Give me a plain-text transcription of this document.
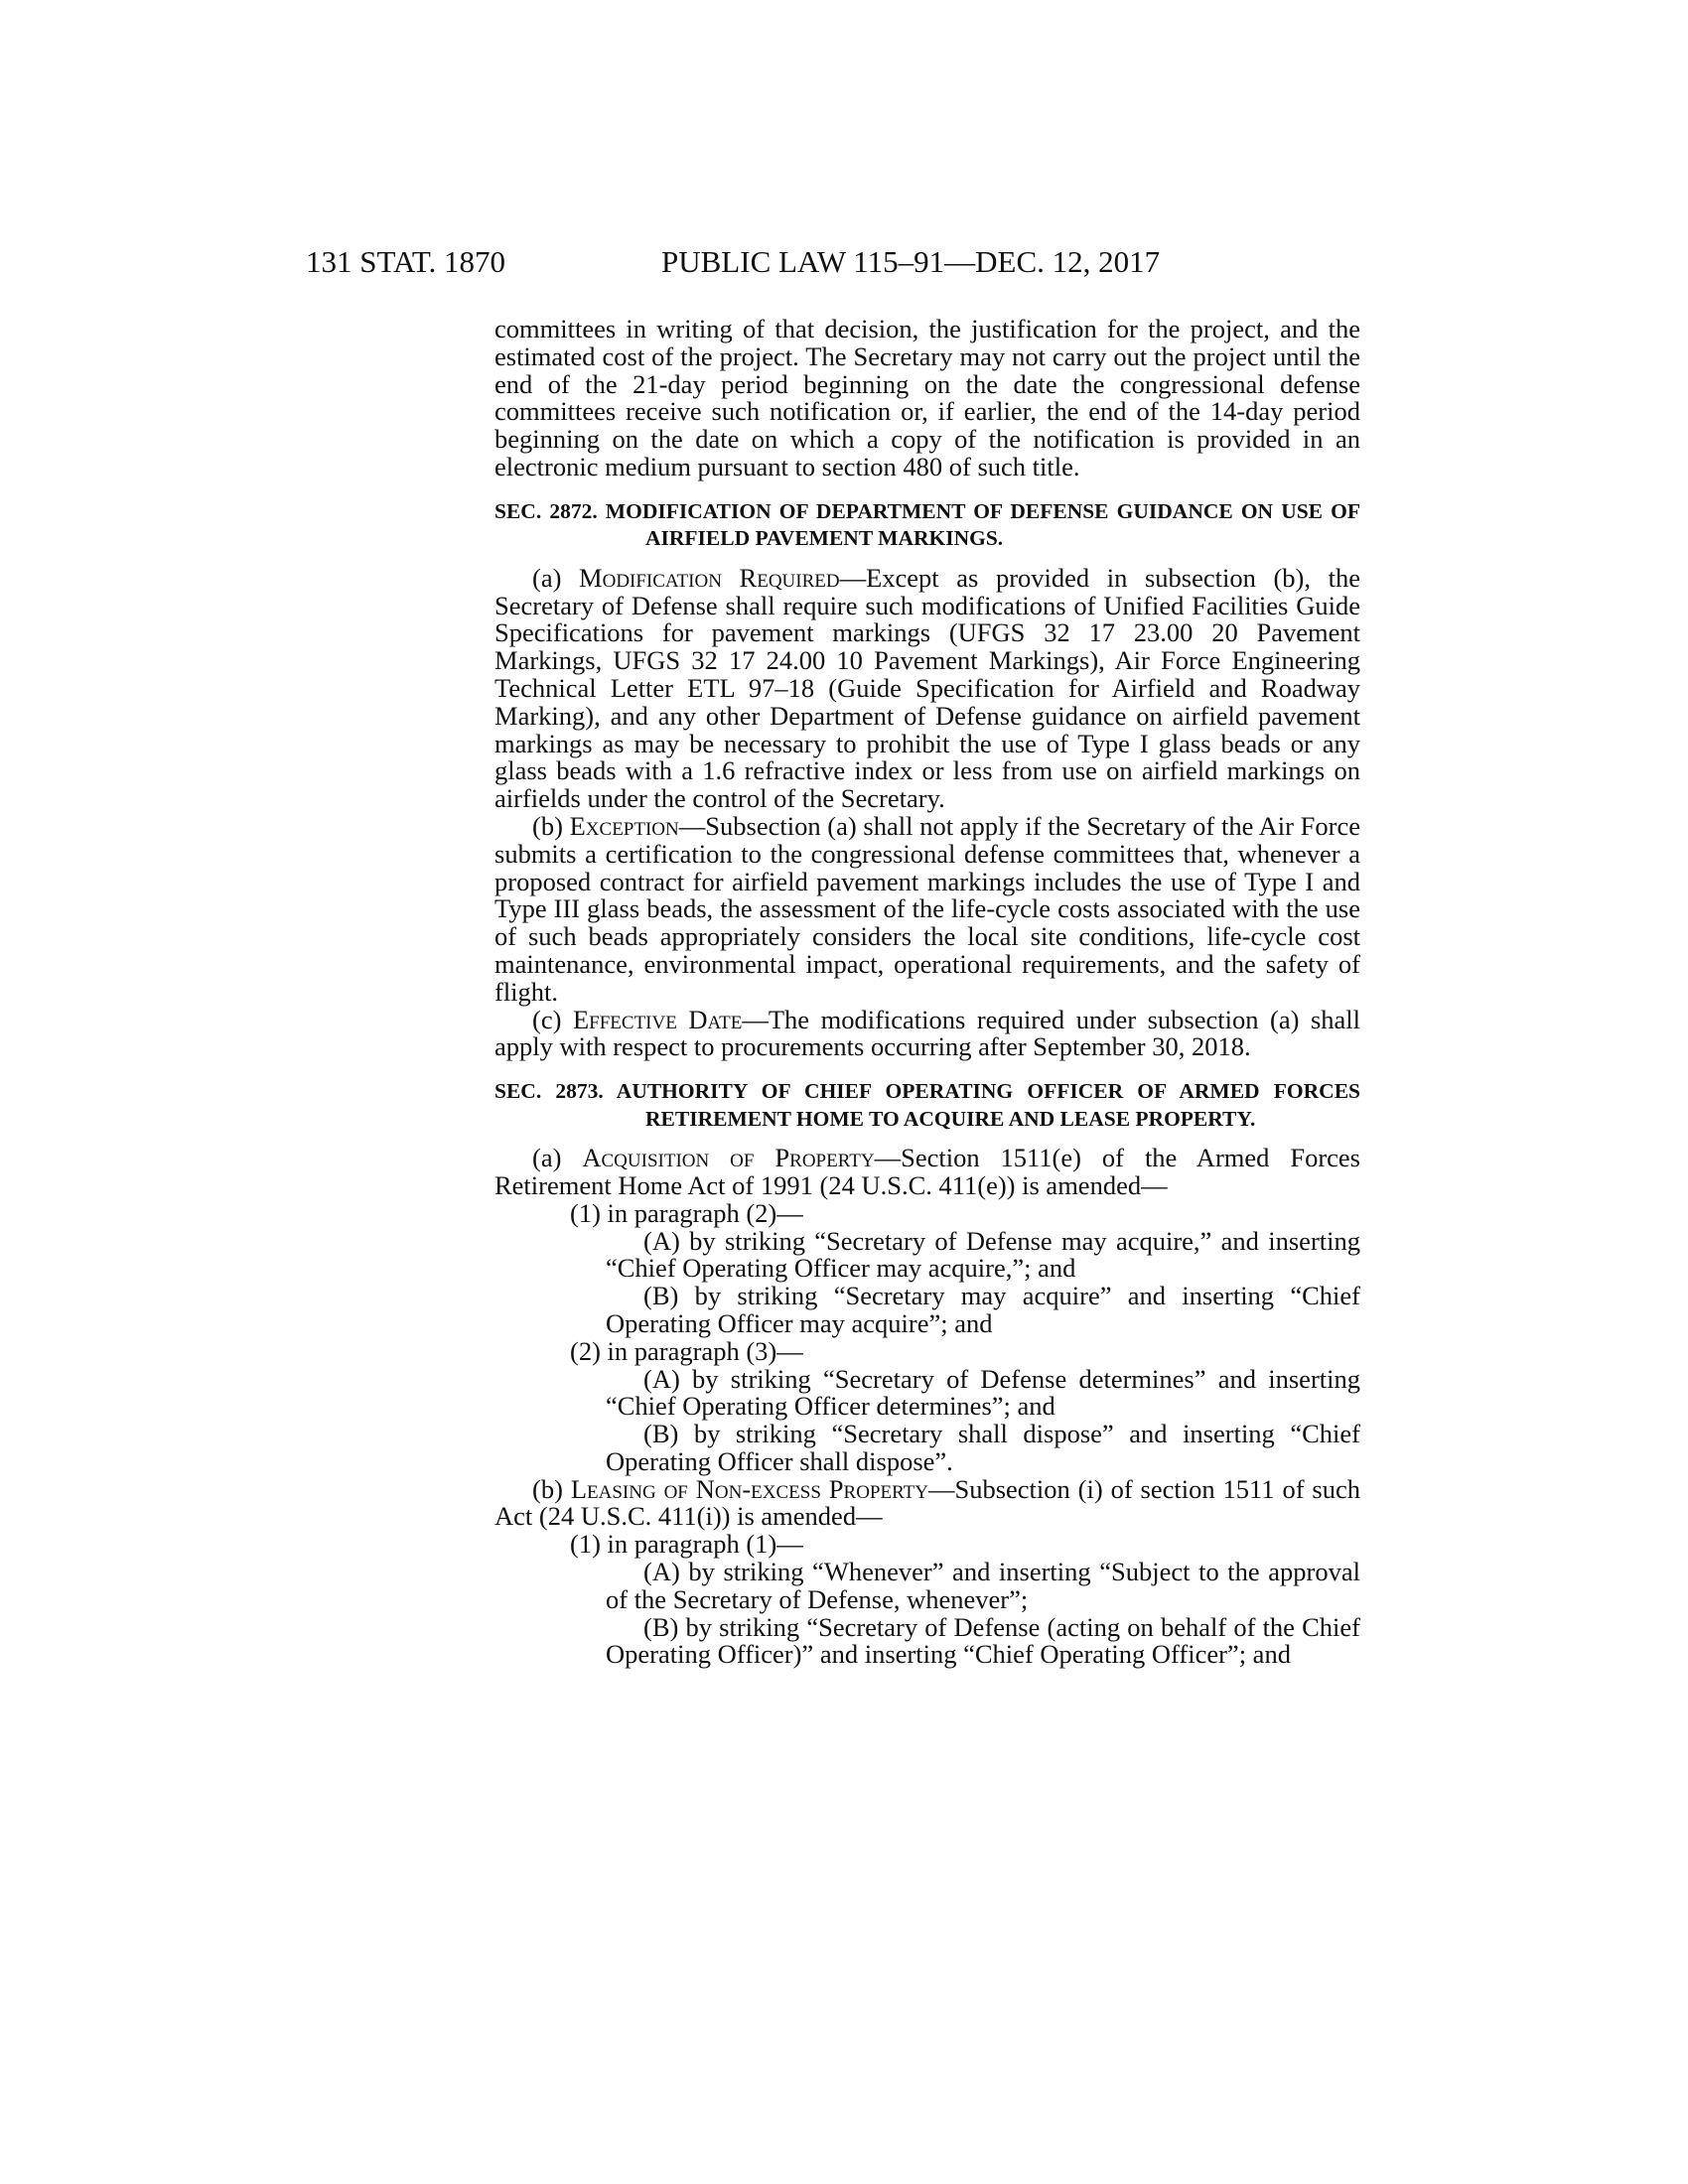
131 STAT. 1870	PUBLIC LAW 115–91—DEC. 12, 2017

committees in writing of that decision, the justification for the project, and the estimated cost of the project. The Secretary may not carry out the project until the end of the 21-day period beginning on the date the congressional defense committees receive such notification or, if earlier, the end of the 14-day period beginning on the date on which a copy of the notification is provided in an electronic medium pursuant to section 480 of such title.

SEC. 2872. MODIFICATION OF DEPARTMENT OF DEFENSE GUIDANCE ON USE OF AIRFIELD PAVEMENT MARKINGS.

(a) Modification Required—Except as provided in subsection (b), the Secretary of Defense shall require such modifications of Unified Facilities Guide Specifications for pavement markings (UFGS 32 17 23.00 20 Pavement Markings, UFGS 32 17 24.00 10 Pavement Markings), Air Force Engineering Technical Letter ETL 97–18 (Guide Specification for Airfield and Roadway Marking), and any other Department of Defense guidance on airfield pavement markings as may be necessary to prohibit the use of Type I glass beads or any glass beads with a 1.6 refractive index or less from use on airfield markings on airfields under the control of the Secretary.

(b) Exception—Subsection (a) shall not apply if the Secretary of the Air Force submits a certification to the congressional defense committees that, whenever a proposed contract for airfield pavement markings includes the use of Type I and Type III glass beads, the assessment of the life-cycle costs associated with the use of such beads appropriately considers the local site conditions, life-cycle cost maintenance, environmental impact, operational requirements, and the safety of flight.

(c) Effective Date—The modifications required under subsection (a) shall apply with respect to procurements occurring after September 30, 2018.

SEC. 2873. AUTHORITY OF CHIEF OPERATING OFFICER OF ARMED FORCES RETIREMENT HOME TO ACQUIRE AND LEASE PROPERTY.

(a) Acquisition of Property—Section 1511(e) of the Armed Forces Retirement Home Act of 1991 (24 U.S.C. 411(e)) is amended—

(1) in paragraph (2)—

(A) by striking “Secretary of Defense may acquire,” and inserting “Chief Operating Officer may acquire,”; and

(B) by striking “Secretary may acquire” and inserting “Chief Operating Officer may acquire”; and

(2) in paragraph (3)—

(A) by striking “Secretary of Defense determines” and inserting “Chief Operating Officer determines”; and

(B) by striking “Secretary shall dispose” and inserting “Chief Operating Officer shall dispose”.

(b) Leasing of Non-excess Property—Subsection (i) of section 1511 of such Act (24 U.S.C. 411(i)) is amended—

(1) in paragraph (1)—

(A) by striking “Whenever” and inserting “Subject to the approval of the Secretary of Defense, whenever”;

(B) by striking “Secretary of Defense (acting on behalf of the Chief Operating Officer)” and inserting “Chief Operating Officer”; and
